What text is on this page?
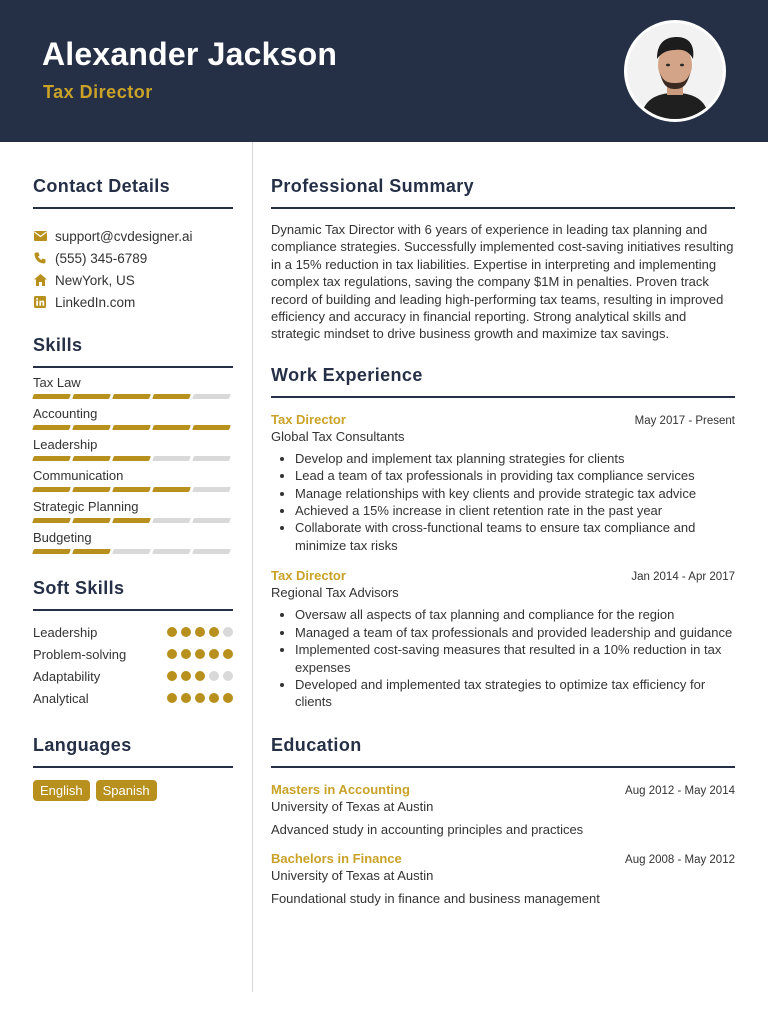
Alexander Jackson
Tax Director
Contact Details
support@cvdesigner.ai
(555) 345-6789
NewYork, US
LinkedIn.com
Skills
Tax Law
Accounting
Leadership
Communication
Strategic Planning
Budgeting
Soft Skills
Leadership
Problem-solving
Adaptability
Analytical
Languages
English	Spanish
Professional Summary

Dynamic Tax Director with 6 years of experience in leading tax planning and compliance strategies. Successfully implemented cost-saving initiatives resulting in a 15% reduction in tax liabilities. Expertise in interpreting and implementing complex tax regulations, saving the company $1M in penalties. Proven track record of building and leading high-performing tax teams, resulting in improved efficiency and accuracy in financial reporting. Strong analytical skills and strategic mindset to drive business growth and maximize tax savings.

Work Experience
Tax Director	May 2017 - Present
Global Tax Consultants
• Develop and implement tax planning strategies for clients
• Lead a team of tax professionals in providing tax compliance services
• Manage relationships with key clients and provide strategic tax advice
• Achieved a 15% increase in client retention rate in the past year
• Collaborate with cross-functional teams to ensure tax compliance and minimize tax risks
Tax Director	Jan 2014 - Apr 2017
Regional Tax Advisors
• Oversaw all aspects of tax planning and compliance for the region
• Managed a team of tax professionals and provided leadership and guidance
• Implemented cost-saving measures that resulted in a 10% reduction in tax expenses
• Developed and implemented tax strategies to optimize tax efficiency for clients
Education
Masters in Accounting	Aug 2012 - May 2014
University of Texas at Austin
Advanced study in accounting principles and practices
Bachelors in Finance	Aug 2008 - May 2012
University of Texas at Austin
Foundational study in finance and business management
